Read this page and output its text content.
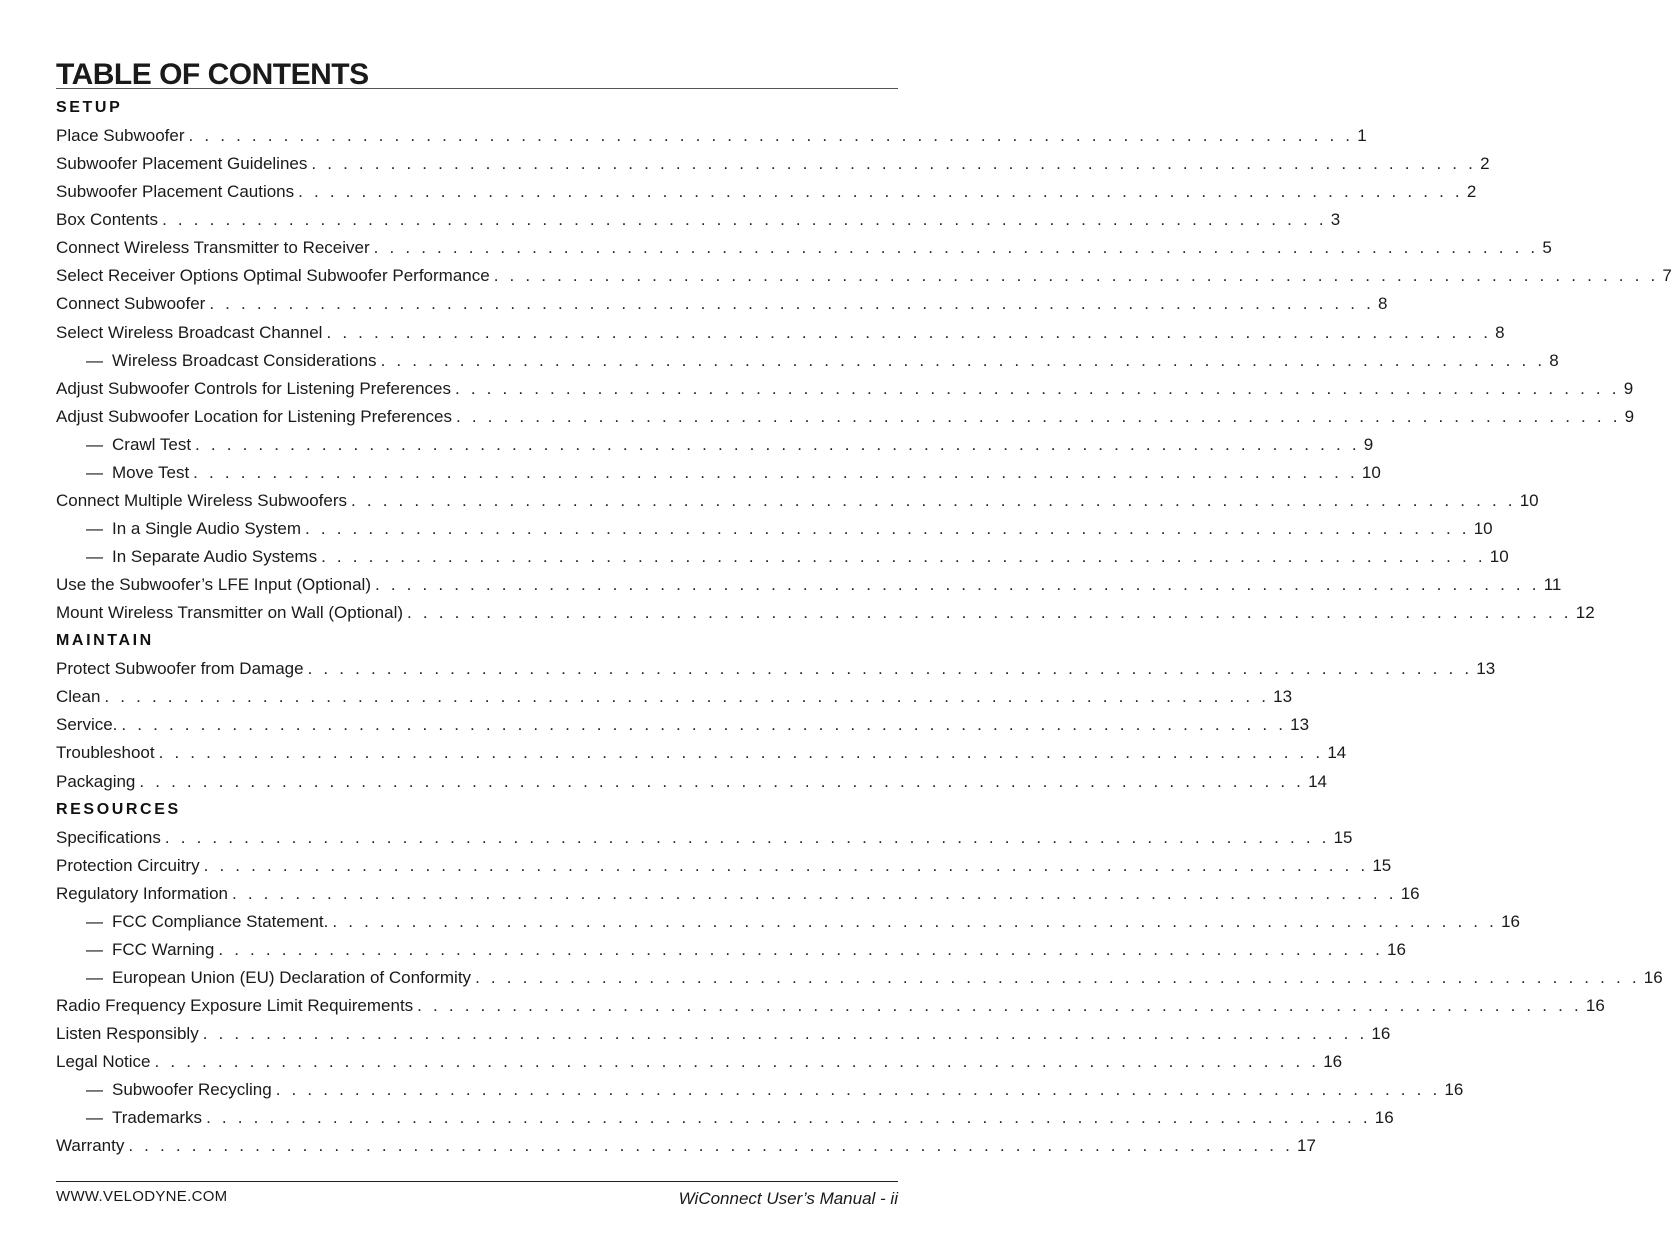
TABLE OF CONTENTS
SETUP
Place Subwoofer . . . . . . . . . . . . . . . . . . . . . . . . . . . . . . . . . . . . . . . . . . . . . . . . . . . . . . . . . . . . . . . . . . . . . . . . . . 1
Subwoofer Placement Guidelines . . . . . . . . . . . . . . . . . . . . . . . . . . . . . . . . . . . . . . . . . . . . . . . . . . . . . . . . . . . . . . . . . . . . . . . . . . 2
Subwoofer Placement Cautions . . . . . . . . . . . . . . . . . . . . . . . . . . . . . . . . . . . . . . . . . . . . . . . . . . . . . . . . . . . . . . . . . . . . . . . . . . 2
Box Contents . . . . . . . . . . . . . . . . . . . . . . . . . . . . . . . . . . . . . . . . . . . . . . . . . . . . . . . . . . . . . . . . . . . . . . . . . . 3
Connect Wireless Transmitter to Receiver . . . . . . . . . . . . . . . . . . . . . . . . . . . . . . . . . . . . . . . . . . . . . . . . . . . . . . . . . . . . . . . . . . . . . . . . . . 5
Select Receiver Options Optimal Subwoofer Performance . . . . . . . . . . . . . . . . . . . . . . . . . . . . . . . . . . . . . . . . . . . . . . . . . . . . . . . . . . . . . . . . . . . . . . . . . . 7
Connect Subwoofer . . . . . . . . . . . . . . . . . . . . . . . . . . . . . . . . . . . . . . . . . . . . . . . . . . . . . . . . . . . . . . . . . . . . . . . . . . 8
Select Wireless Broadcast Channel . . . . . . . . . . . . . . . . . . . . . . . . . . . . . . . . . . . . . . . . . . . . . . . . . . . . . . . . . . . . . . . . . . . . . . . . . . 8
— Wireless Broadcast Considerations . . . . . . . . . . . . . . . . . . . . . . . . . . . . . . . . . . . . . . . . . . . . . . . . . . . . . . . . . . . . . . . . . . . . . . . . . . 8
Adjust Subwoofer Controls for Listening Preferences . . . . . . . . . . . . . . . . . . . . . . . . . . . . . . . . . . . . . . . . . . . . . . . . . . . . . . . . . . . . . . . . . . . . . . . . . . 9
Adjust Subwoofer Location for Listening Preferences . . . . . . . . . . . . . . . . . . . . . . . . . . . . . . . . . . . . . . . . . . . . . . . . . . . . . . . . . . . . . . . . . . . . . . . . . . 9
— Crawl Test . . . . . . . . . . . . . . . . . . . . . . . . . . . . . . . . . . . . . . . . . . . . . . . . . . . . . . . . . . . . . . . . . . . . . . . . . . 9
— Move Test . . . . . . . . . . . . . . . . . . . . . . . . . . . . . . . . . . . . . . . . . . . . . . . . . . . . . . . . . . . . . . . . . . . . . . . . . . 10
Connect Multiple Wireless Subwoofers . . . . . . . . . . . . . . . . . . . . . . . . . . . . . . . . . . . . . . . . . . . . . . . . . . . . . . . . . . . . . . . . . . . . . . . . . . 10
— In a Single Audio System . . . . . . . . . . . . . . . . . . . . . . . . . . . . . . . . . . . . . . . . . . . . . . . . . . . . . . . . . . . . . . . . . . . . . . . . . . 10
— In Separate Audio Systems . . . . . . . . . . . . . . . . . . . . . . . . . . . . . . . . . . . . . . . . . . . . . . . . . . . . . . . . . . . . . . . . . . . . . . . . . . 10
Use the Subwoofer’s LFE Input (Optional) . . . . . . . . . . . . . . . . . . . . . . . . . . . . . . . . . . . . . . . . . . . . . . . . . . . . . . . . . . . . . . . . . . . . . . . . . . 11
Mount Wireless Transmitter on Wall (Optional) . . . . . . . . . . . . . . . . . . . . . . . . . . . . . . . . . . . . . . . . . . . . . . . . . . . . . . . . . . . . . . . . . . . . . . . . . . 12
MAINTAIN
Protect Subwoofer from Damage . . . . . . . . . . . . . . . . . . . . . . . . . . . . . . . . . . . . . . . . . . . . . . . . . . . . . . . . . . . . . . . . . . . . . . . . . . 13
Clean . . . . . . . . . . . . . . . . . . . . . . . . . . . . . . . . . . . . . . . . . . . . . . . . . . . . . . . . . . . . . . . . . . . . . . . . . . 13
Service. . . . . . . . . . . . . . . . . . . . . . . . . . . . . . . . . . . . . . . . . . . . . . . . . . . . . . . . . . . . . . . . . . . . . . . . . . . 13
Troubleshoot . . . . . . . . . . . . . . . . . . . . . . . . . . . . . . . . . . . . . . . . . . . . . . . . . . . . . . . . . . . . . . . . . . . . . . . . . . 14
Packaging . . . . . . . . . . . . . . . . . . . . . . . . . . . . . . . . . . . . . . . . . . . . . . . . . . . . . . . . . . . . . . . . . . . . . . . . . . 14
RESOURCES
Specifications . . . . . . . . . . . . . . . . . . . . . . . . . . . . . . . . . . . . . . . . . . . . . . . . . . . . . . . . . . . . . . . . . . . . . . . . . . 15
Protection Circuitry . . . . . . . . . . . . . . . . . . . . . . . . . . . . . . . . . . . . . . . . . . . . . . . . . . . . . . . . . . . . . . . . . . . . . . . . . . 15
Regulatory Information . . . . . . . . . . . . . . . . . . . . . . . . . . . . . . . . . . . . . . . . . . . . . . . . . . . . . . . . . . . . . . . . . . . . . . . . . . 16
— FCC Compliance Statement. . . . . . . . . . . . . . . . . . . . . . . . . . . . . . . . . . . . . . . . . . . . . . . . . . . . . . . . . . . . . . . . . . . . . . . . . . . 16
— FCC Warning . . . . . . . . . . . . . . . . . . . . . . . . . . . . . . . . . . . . . . . . . . . . . . . . . . . . . . . . . . . . . . . . . . . . . . . . . . 16
— European Union (EU) Declaration of Conformity . . . . . . . . . . . . . . . . . . . . . . . . . . . . . . . . . . . . . . . . . . . . . . . . . . . . . . . . . . . . . . . . . . . . . . . . . . 16
Radio Frequency Exposure Limit Requirements . . . . . . . . . . . . . . . . . . . . . . . . . . . . . . . . . . . . . . . . . . . . . . . . . . . . . . . . . . . . . . . . . . . . . . . . . . 16
Listen Responsibly . . . . . . . . . . . . . . . . . . . . . . . . . . . . . . . . . . . . . . . . . . . . . . . . . . . . . . . . . . . . . . . . . . . . . . . . . . 16
Legal Notice . . . . . . . . . . . . . . . . . . . . . . . . . . . . . . . . . . . . . . . . . . . . . . . . . . . . . . . . . . . . . . . . . . . . . . . . . . 16
— Subwoofer Recycling . . . . . . . . . . . . . . . . . . . . . . . . . . . . . . . . . . . . . . . . . . . . . . . . . . . . . . . . . . . . . . . . . . . . . . . . . . 16
— Trademarks . . . . . . . . . . . . . . . . . . . . . . . . . . . . . . . . . . . . . . . . . . . . . . . . . . . . . . . . . . . . . . . . . . . . . . . . . . 16
Warranty . . . . . . . . . . . . . . . . . . . . . . . . . . . . . . . . . . . . . . . . . . . . . . . . . . . . . . . . . . . . . . . . . . . . . . . . . . 17
WWW.VELODYNE.COM	WiConnect User’s Manual - ii
